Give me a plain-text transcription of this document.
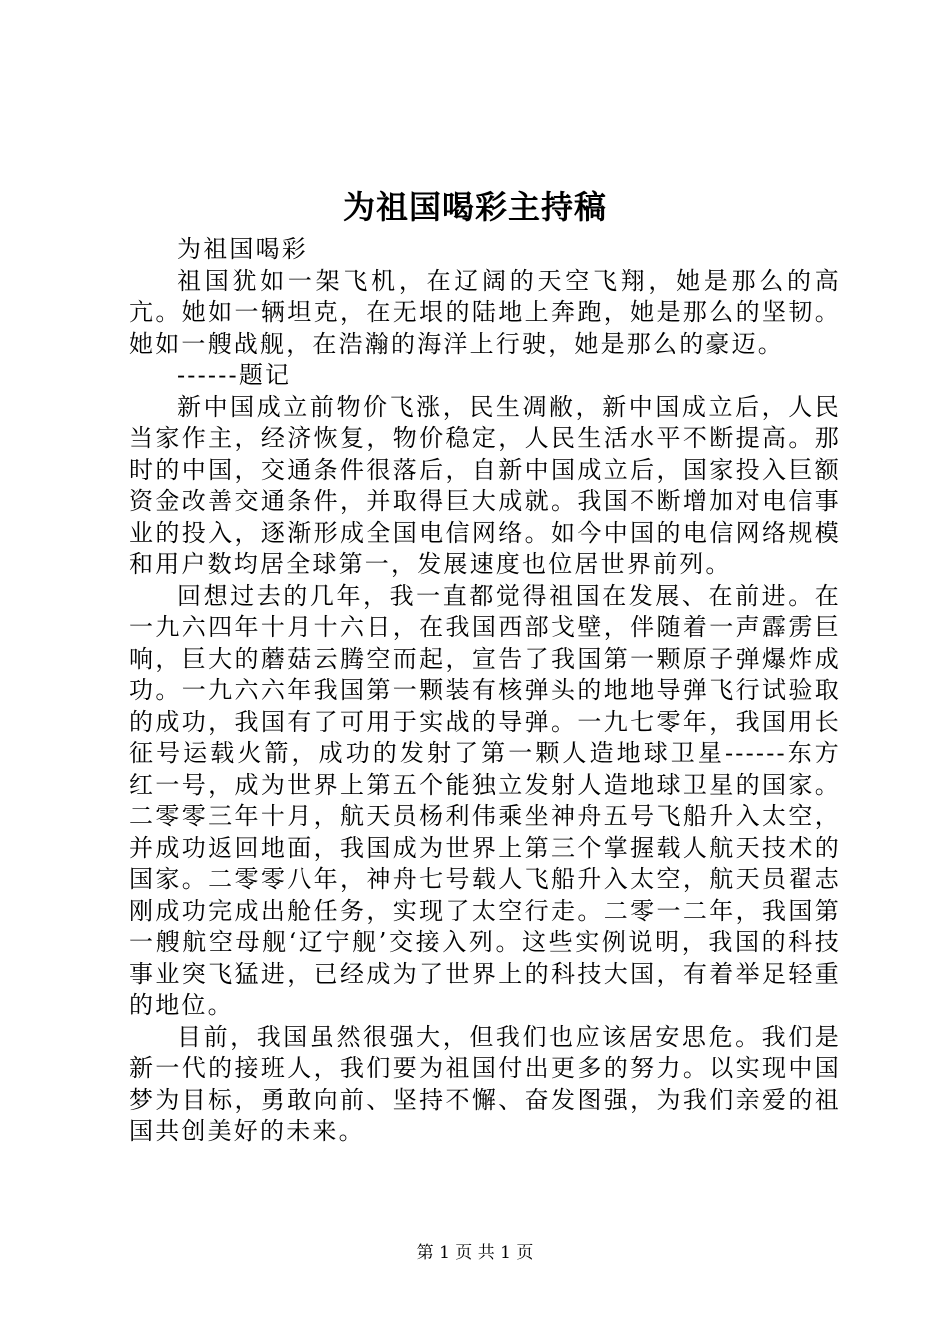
为祖国喝彩主持稿

为祖国喝彩

祖国犹如一架飞机，在辽阔的天空飞翔，她是那么的高亢。她如一辆坦克，在无垠的陆地上奔跑，她是那么的坚韧。她如一艘战舰，在浩瀚的海洋上行驶，她是那么的豪迈。

------题记

新中国成立前物价飞涨，民生凋敝，新中国成立后，人民当家作主，经济恢复，物价稳定，人民生活水平不断提高。那时的中国，交通条件很落后，自新中国成立后，国家投入巨额资金改善交通条件，并取得巨大成就。我国不断增加对电信事业的投入，逐渐形成全国电信网络。如今中国的电信网络规模和用户数均居全球第一，发展速度也位居世界前列。

回想过去的几年，我一直都觉得祖国在发展、在前进。在一九六四年十月十六日，在我国西部戈壁，伴随着一声霹雳巨响，巨大的蘑菇云腾空而起，宣告了我国第一颗原子弹爆炸成功。一九六六年我国第一颗装有核弹头的地地导弹飞行试验取的成功，我国有了可用于实战的导弹。一九七零年，我国用长征号运载火箭，成功的发射了第一颗人造地球卫星------东方红一号，成为世界上第五个能独立发射人造地球卫星的国家。二零零三年十月，航天员杨利伟乘坐神舟五号飞船升入太空，并成功返回地面，我国成为世界上第三个掌握载人航天技术的国家。二零零八年，神舟七号载人飞船升入太空，航天员翟志刚成功完成出舱任务，实现了太空行走。二零一二年，我国第一艘航空母舰‘辽宁舰’交接入列。这些实例说明，我国的科技事业突飞猛进，已经成为了世界上的科技大国，有着举足轻重的地位。

目前，我国虽然很强大，但我们也应该居安思危。我们是新一代的接班人，我们要为祖国付出更多的努力。以实现中国梦为目标，勇敢向前、坚持不懈、奋发图强，为我们亲爱的祖国共创美好的未来。

第 1 页 共 1 页
